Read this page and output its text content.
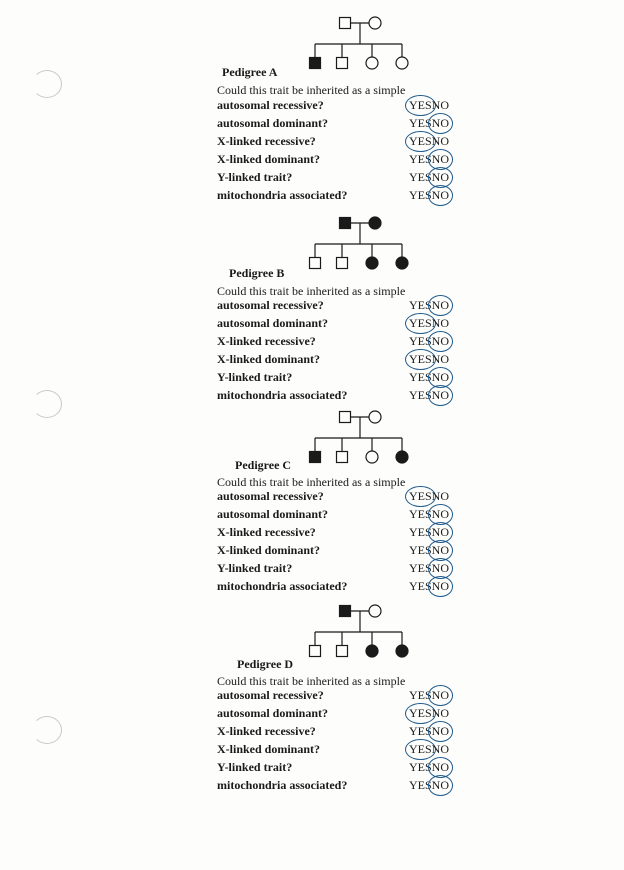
Pedigree A
Could this trait be inherited as a simple
autosomal recessive?	YESNO
autosomal dominant?	YESNO
X-linked recessive?	YESNO
X-linked dominant?	YESNO
Y-linked trait?	YESNO
mitochondria associated?	YESNO
Pedigree B
Could this trait be inherited as a simple
autosomal recessive?	YESNO
autosomal dominant?	YESNO
X-linked recessive?	YESNO
X-linked dominant?	YESNO
Y-linked trait?	YESNO
mitochondria associated?	YESNO
Pedigree C
Could this trait be inherited as a simple
autosomal recessive?	YESNO
autosomal dominant?	YESNO
X-linked recessive?	YESNO
X-linked dominant?	YESNO
Y-linked trait?	YESNO
mitochondria associated?	YESNO
Pedigree D
Could this trait be inherited as a simple
autosomal recessive?	YESNO
autosomal dominant?	YESNO
X-linked recessive?	YESNO
X-linked dominant?	YESNO
Y-linked trait?	YESNO
mitochondria associated?	YESNO
